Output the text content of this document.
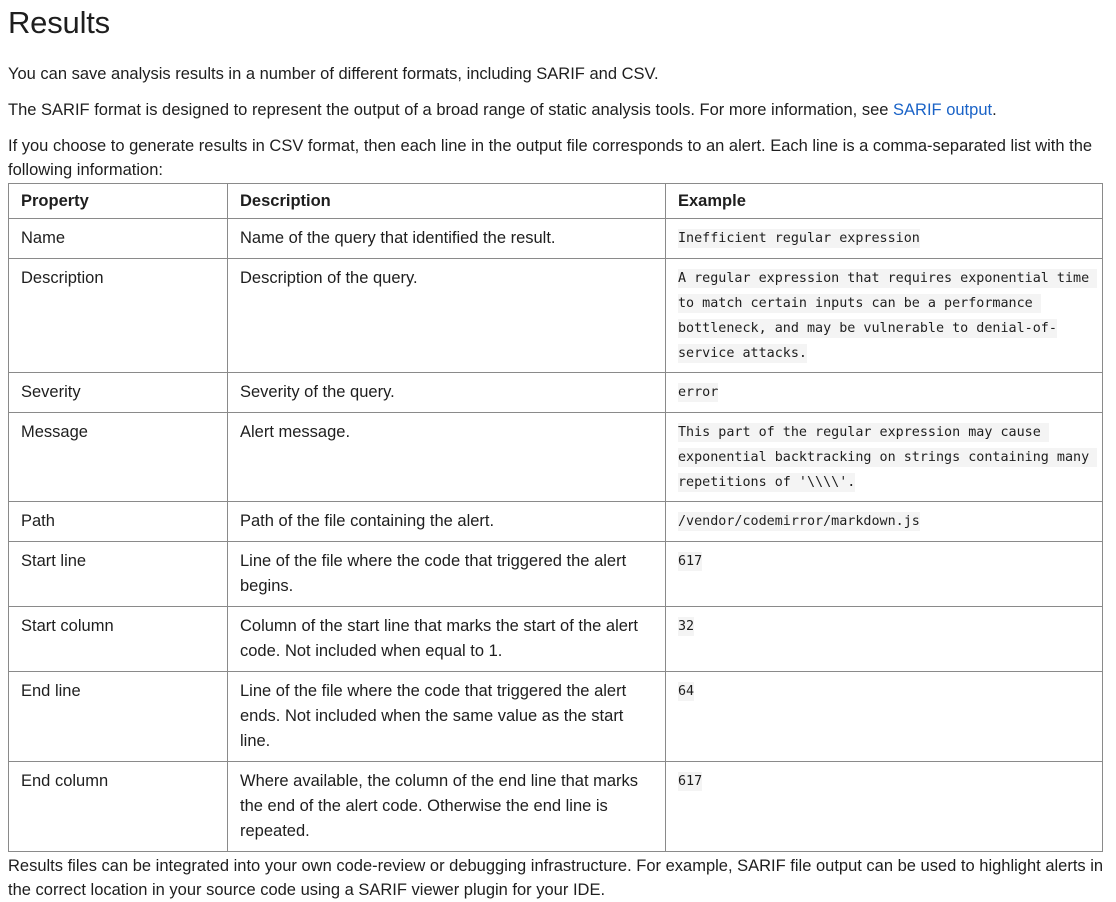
Results

You can save analysis results in a number of different formats, including SARIF and CSV.

The SARIF format is designed to represent the output of a broad range of static analysis tools. For more information, see SARIF output.

If you choose to generate results in CSV format, then each line in the output file corresponds to an alert. Each line is a comma-separated list with the following information:

Property	Description	Example
Name	Name of the query that identified the result.	Inefficient regular expression
Description	Description of the query.	A regular expression that requires exponential time to match certain inputs can be a performance bottleneck, and may be vulnerable to denial-of-service attacks.
Severity	Severity of the query.	error
Message	Alert message.	This part of the regular expression may cause exponential backtracking on strings containing many repetitions of '\\\\'.
Path	Path of the file containing the alert.	/vendor/codemirror/markdown.js
Start line	Line of the file where the code that triggered the alert begins.	617
Start column	Column of the start line that marks the start of the alert code. Not included when equal to 1.	32
End line	Line of the file where the code that triggered the alert ends. Not included when the same value as the start line.	64
End column	Where available, the column of the end line that marks the end of the alert code. Otherwise the end line is repeated.	617

Results files can be integrated into your own code-review or debugging infrastructure. For example, SARIF file output can be used to highlight alerts in the correct location in your source code using a SARIF viewer plugin for your IDE.
